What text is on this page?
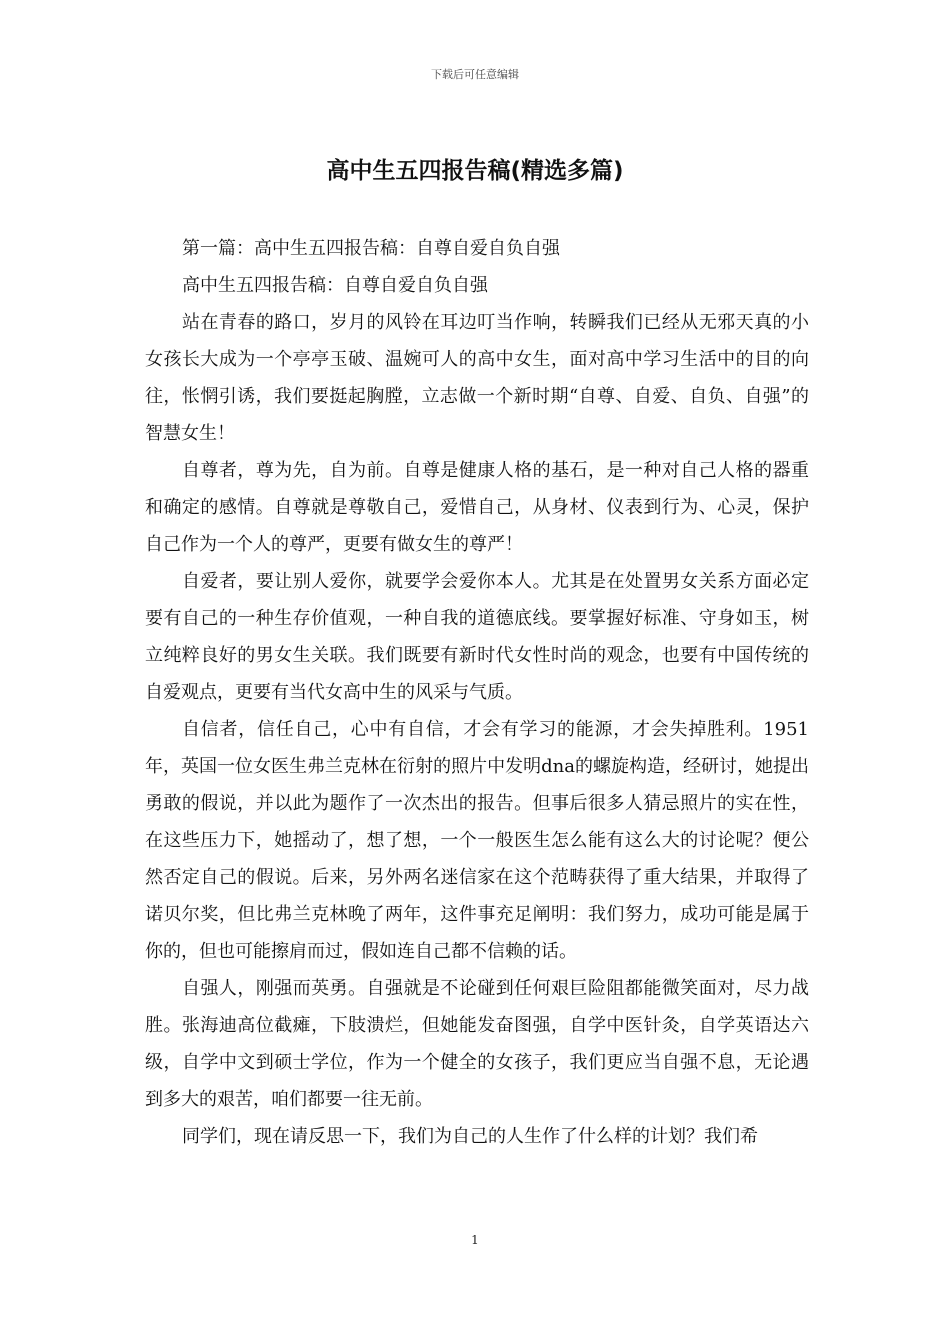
下载后可任意编辑
高中生五四报告稿(精选多篇)

第一篇：高中生五四报告稿：自尊自爱自负自强

高中生五四报告稿：自尊自爱自负自强

站在青春的路口，岁月的风铃在耳边叮当作响，转瞬我们已经从无邪天真的小女孩长大成为一个亭亭玉破、温婉可人的高中女生，面对高中学习生活中的目的向往，怅惘引诱，我们要挺起胸膛，立志做一个新时期“自尊、自爱、自负、自强”的智慧女生！

自尊者，尊为先，自为前。自尊是健康人格的基石，是一种对自己人格的器重和确定的感情。自尊就是尊敬自己，爱惜自己，从身材、仪表到行为、心灵，保护自己作为一个人的尊严，更要有做女生的尊严！

自爱者，要让别人爱你，就要学会爱你本人。尤其是在处置男女关系方面必定要有自己的一种生存价值观，一种自我的道德底线。要掌握好标准、守身如玉，树立纯粹良好的男女生关联。我们既要有新时代女性时尚的观念，也要有中国传统的自爱观点，更要有当代女高中生的风采与气质。

自信者，信任自己，心中有自信，才会有学习的能源，才会失掉胜利。1951年，英国一位女医生弗兰克林在衍射的照片中发明dna的螺旋构造，经研讨，她提出勇敢的假说，并以此为题作了一次杰出的报告。但事后很多人猜忌照片的实在性，在这些压力下，她摇动了，想了想，一个一般医生怎么能有这么大的讨论呢？便公然否定自己的假说。后来，另外两名迷信家在这个范畴获得了重大结果，并取得了诺贝尔奖，但比弗兰克林晚了两年，这件事充足阐明：我们努力，成功可能是属于你的，但也可能擦肩而过，假如连自己都不信赖的话。

自强人，刚强而英勇。自强就是不论碰到任何艰巨险阻都能微笑面对，尽力战胜。张海迪高位截瘫，下肢溃烂，但她能发奋图强，自学中医针灸，自学英语达六级，自学中文到硕士学位，作为一个健全的女孩子，我们更应当自强不息，无论遇到多大的艰苦，咱们都要一往无前。

同学们，现在请反思一下，我们为自己的人生作了什么样的计划？我们希

1
